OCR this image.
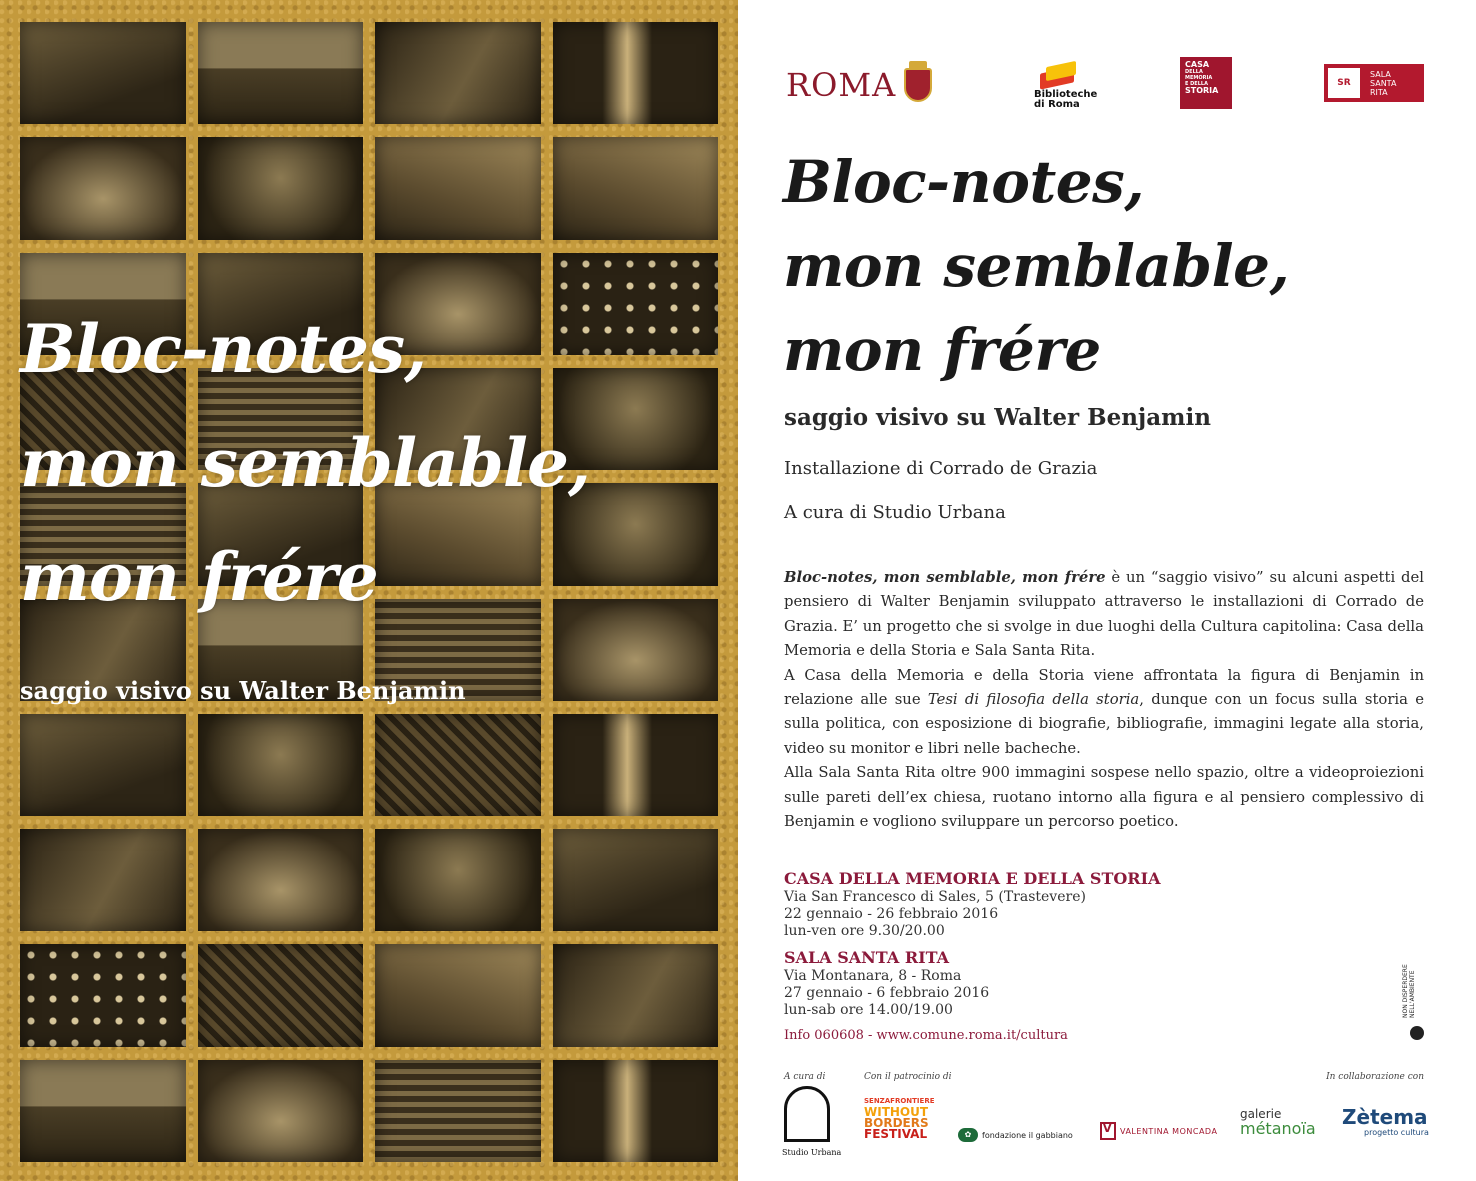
Bloc-notes,
mon semblable,
mon frére

saggio visivo su Walter Benjamin

ROMA	Biblioteche
di Roma
CASA
DELLA
MEMORIA
E DELLA
STORIA
SR
SALA
SANTA
RITA
Bloc-notes,
mon semblable,
mon frére
saggio visivo su Walter Benjamin
Installazione di Corrado de Grazia
A cura di Studio Urbana

Bloc-notes, mon semblable, mon frére è un “saggio visivo” su alcuni aspetti del pensiero di Walter Benjamin sviluppato attraverso le installazioni di Corrado de Grazia. E’ un progetto che si svolge in due luoghi della Cultura capitolina: Casa della Memoria e della Storia e Sala Santa Rita.

A Casa della Memoria e della Storia viene affrontata la figura di Benjamin in relazione alle sue Tesi di filosofia della storia, dunque con un focus sulla storia e sulla politica, con esposizione di biografie, bibliografie, immagini legate alla storia, video su monitor e libri nelle bacheche.

Alla Sala Santa Rita oltre 900 immagini sospese nello spazio, oltre a videoproiezioni sulle pareti dell’ex chiesa, ruotano intorno alla figura e al pensiero complessivo di Benjamin e vogliono sviluppare un percorso poetico.

CASA DELLA MEMORIA E DELLA STORIA
Via San Francesco di Sales, 5 (Trastevere)
22 gennaio - 26 febbraio 2016
lun-ven ore 9.30/20.00
SALA SANTA RITA
Via Montanara, 8 - Roma
27 gennaio - 6 febbraio 2016
lun-sab ore 14.00/19.00
Info 060608 - www.comune.roma.it/cultura
NON DISPERDERE NELL'AMBIENTE
A cura di	Con il patrocinio di	In collaborazione con
Studio Urbana
SENZAFRONTIERE
WITHOUT
BORDERS
FESTIVAL	✿	fondazione il gabbiano
V	VALENTINA MONCADA
galerie
métanoïa Zètema
progetto cultura
